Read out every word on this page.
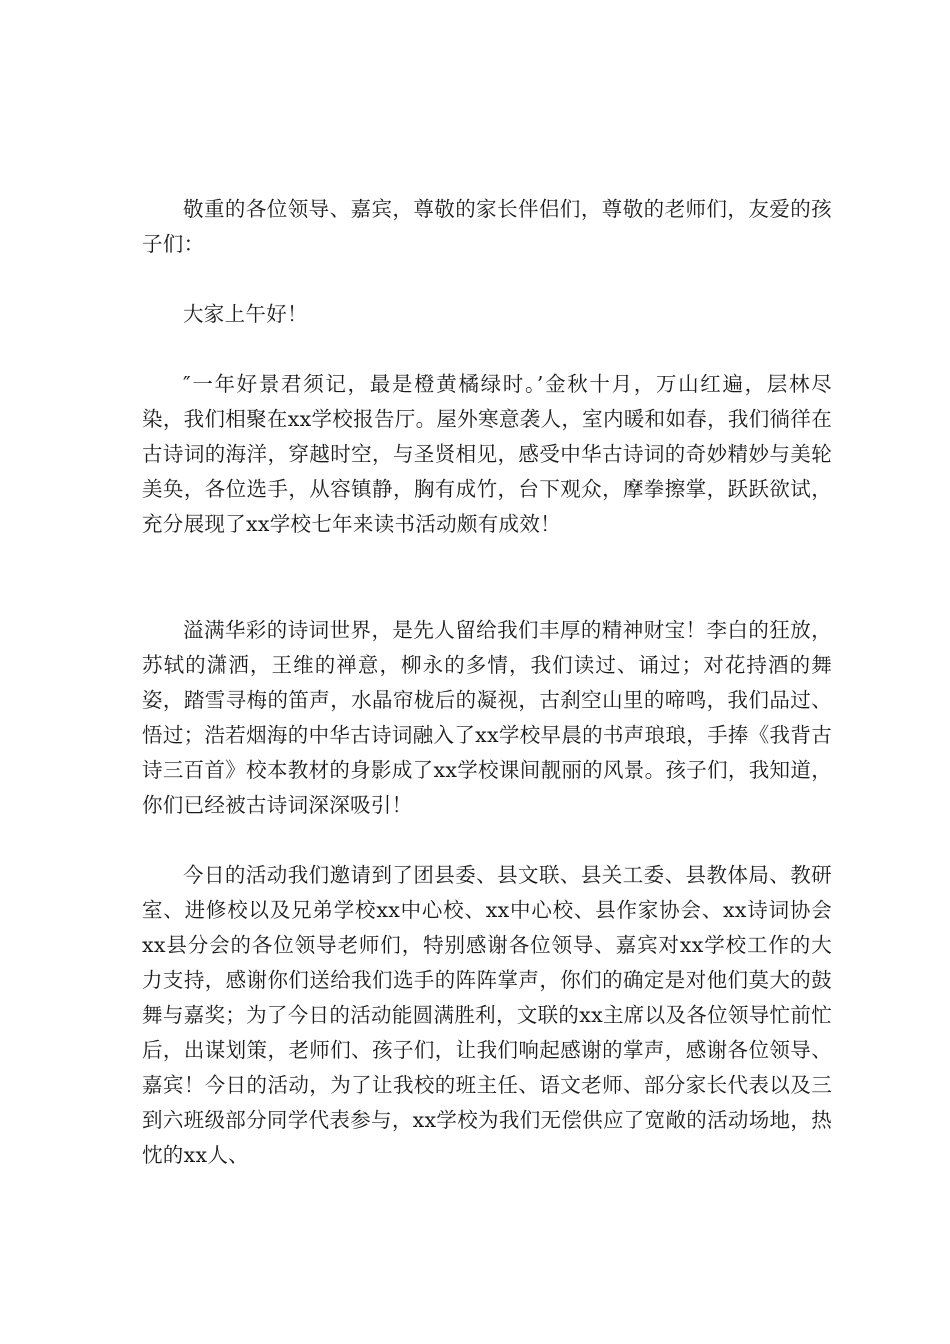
敬重的各位领导、嘉宾，尊敬的家长伴侣们，尊敬的老师们，友爱的孩子们：

大家上午好！

″一年好景君须记，最是橙黄橘绿时。’金秋十月，万山红遍，层林尽染，我们相聚在xx学校报告厅。屋外寒意袭人，室内暖和如春，我们徜徉在古诗词的海洋，穿越时空，与圣贤相见，感受中华古诗词的奇妙精妙与美轮美奂，各位选手，从容镇静，胸有成竹，台下观众，摩拳擦掌，跃跃欲试，充分展现了xx学校七年来读书活动颇有成效！

溢满华彩的诗词世界，是先人留给我们丰厚的精神财宝！李白的狂放，苏轼的潇洒，王维的禅意，柳永的多情，我们读过、诵过；对花持酒的舞姿，踏雪寻梅的笛声，水晶帘栊后的凝视，古刹空山里的啼鸣，我们品过、悟过；浩若烟海的中华古诗词融入了xx学校早晨的书声琅琅，手捧《我背古诗三百首》校本教材的身影成了xx学校课间靓丽的风景。孩子们，我知道，你们已经被古诗词深深吸引！

今日的活动我们邀请到了团县委、县文联、县关工委、县教体局、教研室、进修校以及兄弟学校xx中心校、xx中心校、县作家协会、xx诗词协会xx县分会的各位领导老师们，特别感谢各位领导、嘉宾对xx学校工作的大力支持，感谢你们送给我们选手的阵阵掌声，你们的确定是对他们莫大的鼓舞与嘉奖；为了今日的活动能圆满胜利，文联的xx主席以及各位领导忙前忙后，出谋划策，老师们、孩子们，让我们响起感谢的掌声，感谢各位领导、嘉宾！今日的活动，为了让我校的班主任、语文老师、部分家长代表以及三到六班级部分同学代表参与，xx学校为我们无偿供应了宽敞的活动场地，热忱的xx人、
